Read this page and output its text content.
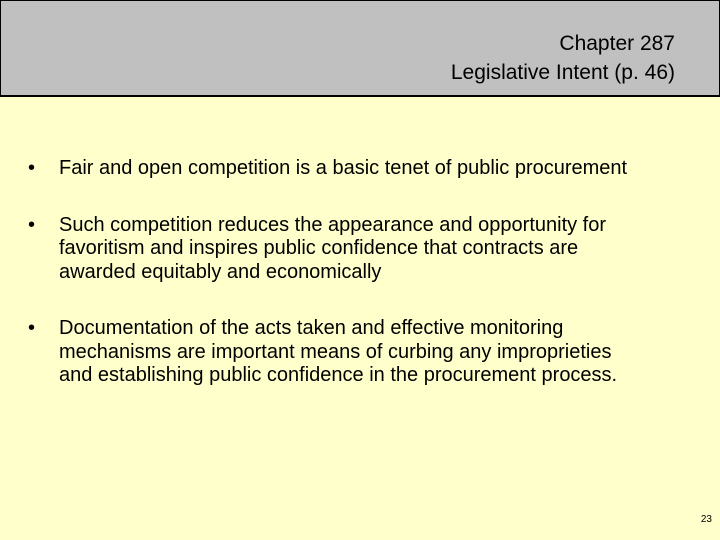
Chapter 287
Legislative Intent (p. 46)
•	Fair and open competition is a basic tenet of public procurement
•	Such competition reduces the appearance and opportunity for favoritism and inspires public confidence that contracts are awarded equitably and economically
•	Documentation of the acts taken and effective monitoring mechanisms are important means of curbing any improprieties and establishing public confidence in the procurement process.
23
